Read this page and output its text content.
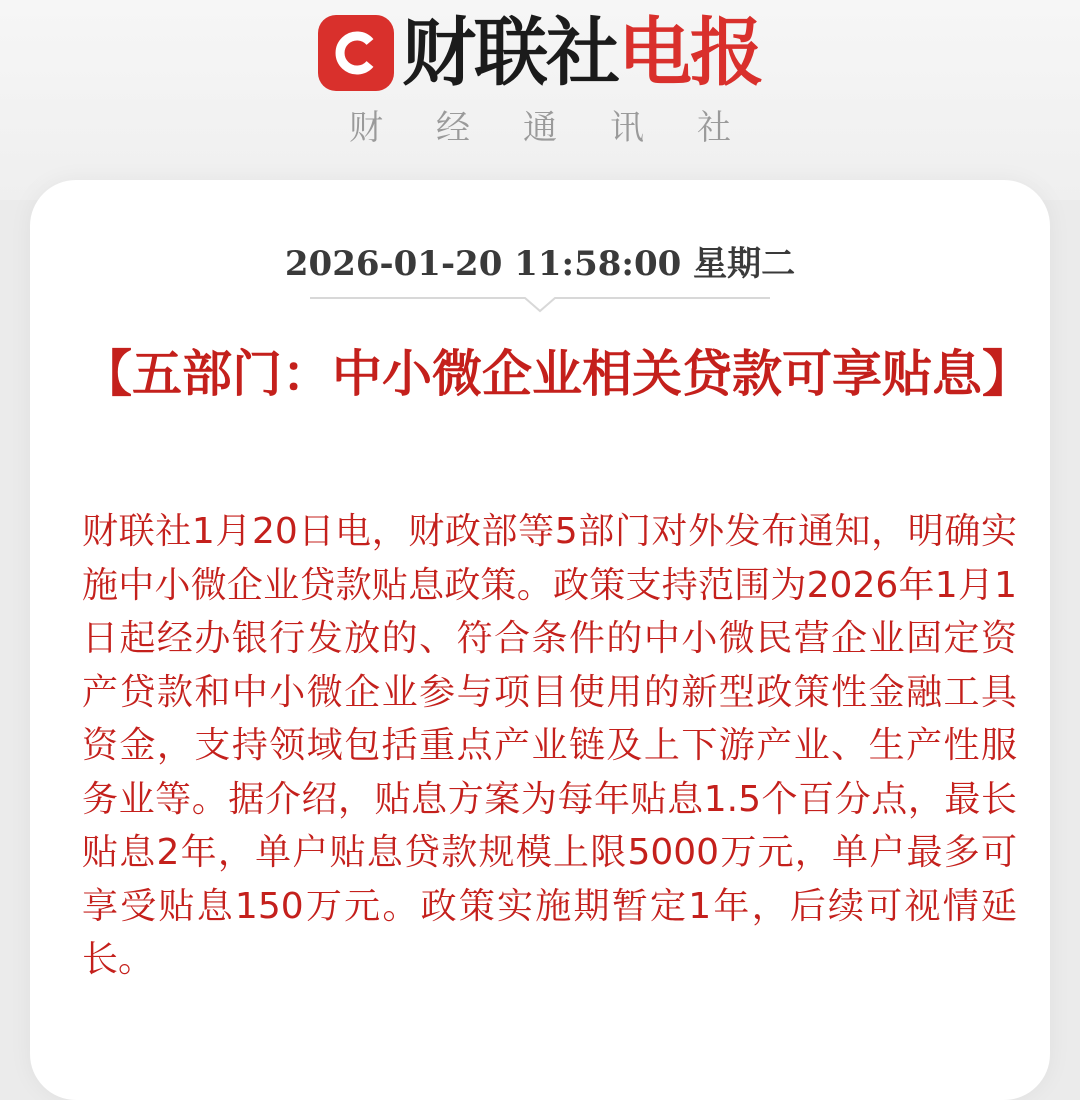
财联社电报
财经通讯社
2026-01-20 11:58:00 星期二
【五部门：中小微企业相关贷款可享贴息】

财联社1月20日电，财政部等5部门对外发布通知，明确实施中小微企业贷款贴息政策。政策支持范围为2026年1月1日起经办银行发放的、符合条件的中小微民营企业固定资产贷款和中小微企业参与项目使用的新型政策性金融工具资金，支持领域包括重点产业链及上下游产业、生产性服务业等。据介绍，贴息方案为每年贴息1.5个百分点，最长贴息2年，单户贴息贷款规模上限5000万元，单户最多可享受贴息150万元。政策实施期暂定1年，后续可视情延长。
